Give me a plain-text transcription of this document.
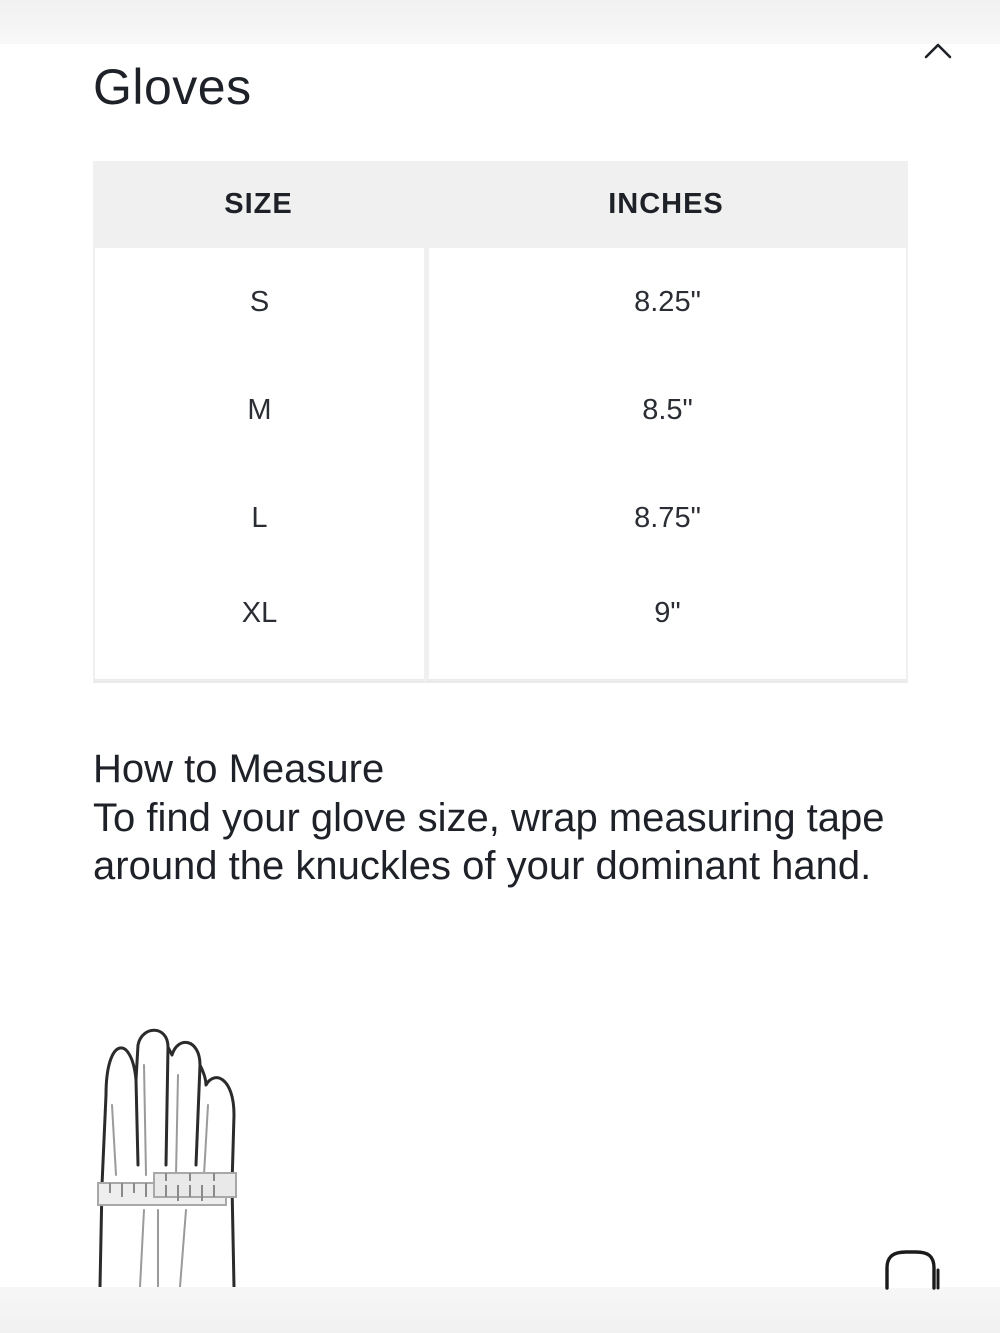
Gloves
SIZE	INCHES
S	8.25"
M	8.5"
L	8.75"
XL	9"

How to Measure

To find your glove size, wrap measuring tape

around the knuckles of your dominant hand.
